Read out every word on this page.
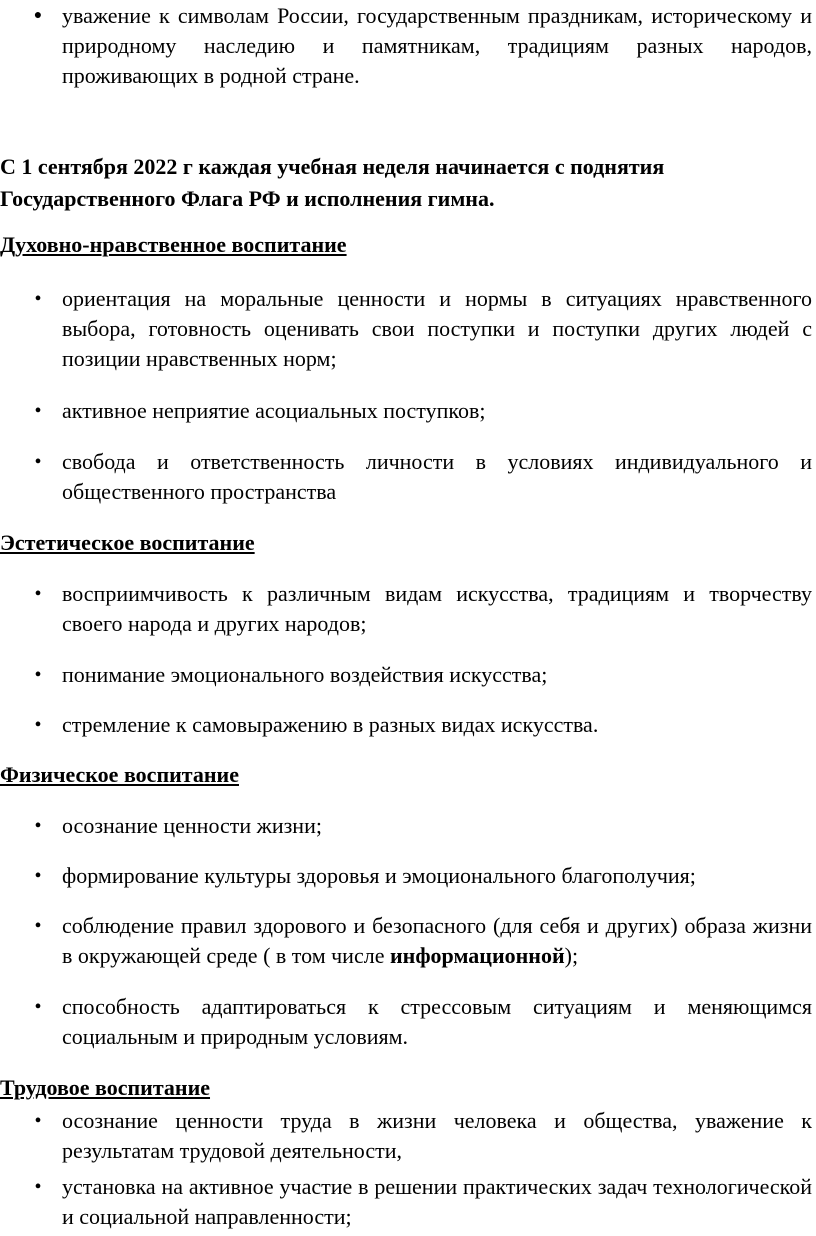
● уважение к символам России, государственным праздникам, историческому и природному наследию и памятникам, традициям разных народов, проживающих в родной стране.

С 1 сентября 2022 г каждая учебная неделя начинается с поднятия Государственного Флага РФ и исполнения гимна.

Духовно-нравственное воспитание

• ориентация на моральные ценности и нормы в ситуациях нравственного выбора, готовность оценивать свои поступки и поступки других людей с позиции нравственных норм;
• активное неприятие асоциальных поступков;
• свобода и ответственность личности в условиях индивидуального и общественного пространства

Эстетическое воспитание

• восприимчивость к различным видам искусства, традициям и творчеству своего народа и других народов;
• понимание эмоционального воздействия искусства;
• стремление к самовыражению в разных видах искусства.

Физическое воспитание

• осознание ценности жизни;
• формирование культуры здоровья и эмоционального благополучия;
• соблюдение правил здорового и безопасного (для себя и других) образа жизни в окружающей среде ( в том числе информационной);
• способность адаптироваться к стрессовым ситуациям и меняющимся социальным и природным условиям.

Трудовое воспитание

• осознание ценности труда в жизни человека и общества, уважение к результатам трудовой деятельности,
• установка на активное участие в решении практических задач технологической и социальной направленности;
